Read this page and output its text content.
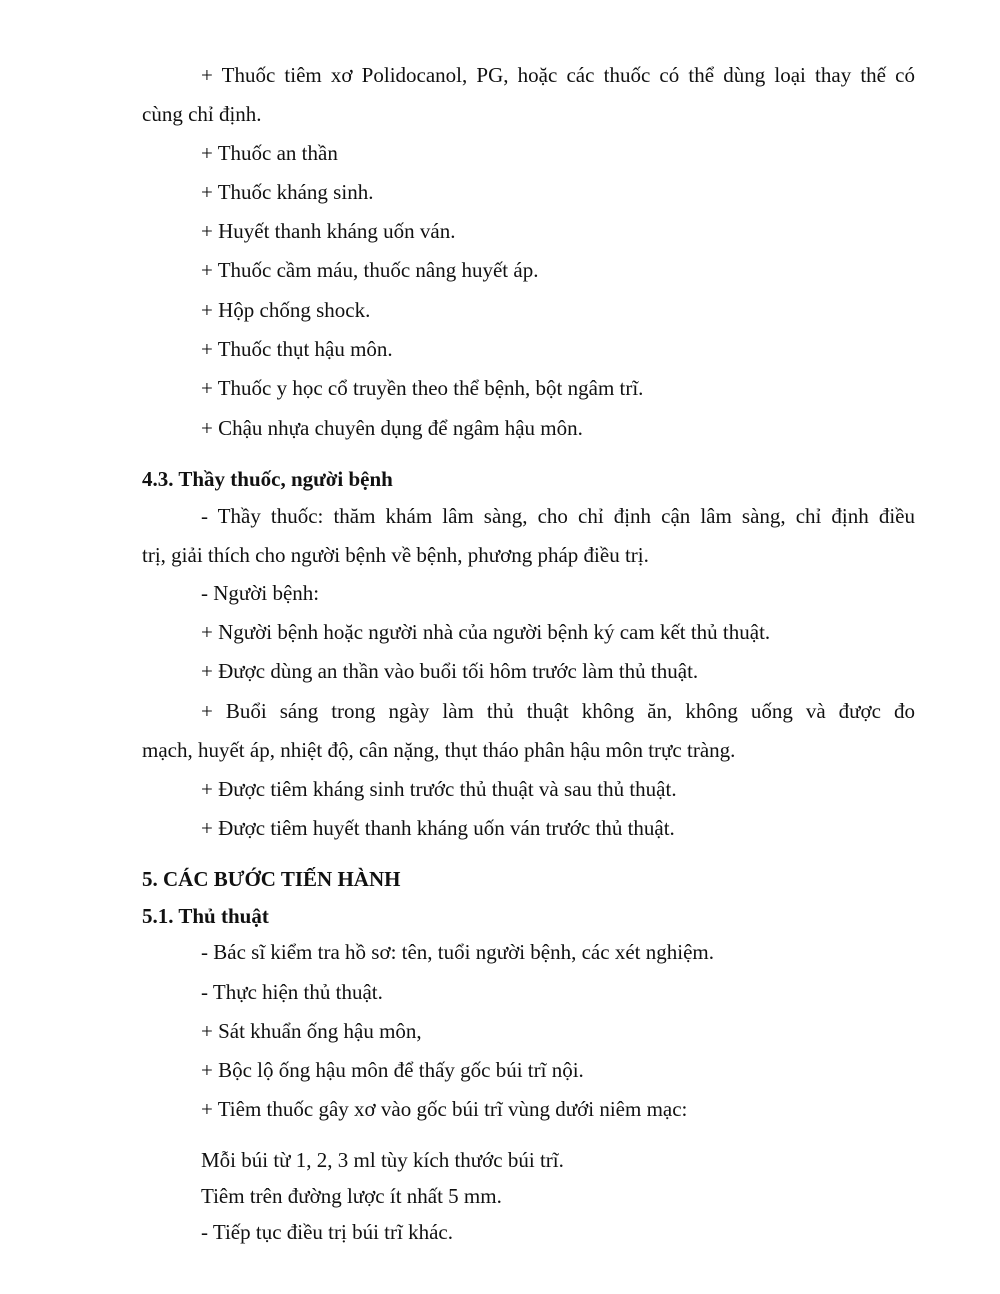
+ Thuốc tiêm xơ Polidocanol, PG, hoặc các thuốc có thể dùng loại thay thế có
cùng chỉ định.
+ Thuốc an thần
+ Thuốc kháng sinh.
+ Huyết thanh kháng uốn ván.
+ Thuốc cầm máu, thuốc nâng huyết áp.
+ Hộp chống shock.
+ Thuốc thụt hậu môn.
+ Thuốc y học cổ truyền theo thể bệnh, bột ngâm trĩ.
+ Chậu nhựa chuyên dụng để ngâm hậu môn.
4.3. Thầy thuốc, người bệnh
- Thầy thuốc: thăm khám lâm sàng, cho chỉ định cận lâm sàng, chỉ định điều
trị, giải thích cho người bệnh về bệnh, phương pháp điều trị.
- Người bệnh:
+ Người bệnh hoặc người nhà của người bệnh ký cam kết thủ thuật.
+ Được dùng an thần vào buổi tối hôm trước làm thủ thuật.
+ Buổi sáng trong ngày làm thủ thuật không ăn, không uống và được đo
mạch, huyết áp, nhiệt độ, cân nặng, thụt tháo phân hậu môn trực tràng.
+ Được tiêm kháng sinh trước thủ thuật và sau thủ thuật.
+ Được tiêm huyết thanh kháng uốn ván trước thủ thuật.
5. CÁC BƯỚC TIẾN HÀNH
5.1. Thủ thuật
- Bác sĩ kiểm tra hồ sơ: tên, tuổi người bệnh, các xét nghiệm.
- Thực hiện thủ thuật.
+ Sát khuẩn ống hậu môn,
+ Bộc lộ ống hậu môn để thấy gốc búi trĩ nội.
+ Tiêm thuốc gây xơ vào gốc búi trĩ vùng dưới niêm mạc:
Mỗi búi từ 1, 2, 3 ml tùy kích thước búi trĩ.
Tiêm trên đường lược ít nhất 5 mm.
- Tiếp tục điều trị búi trĩ khác.
